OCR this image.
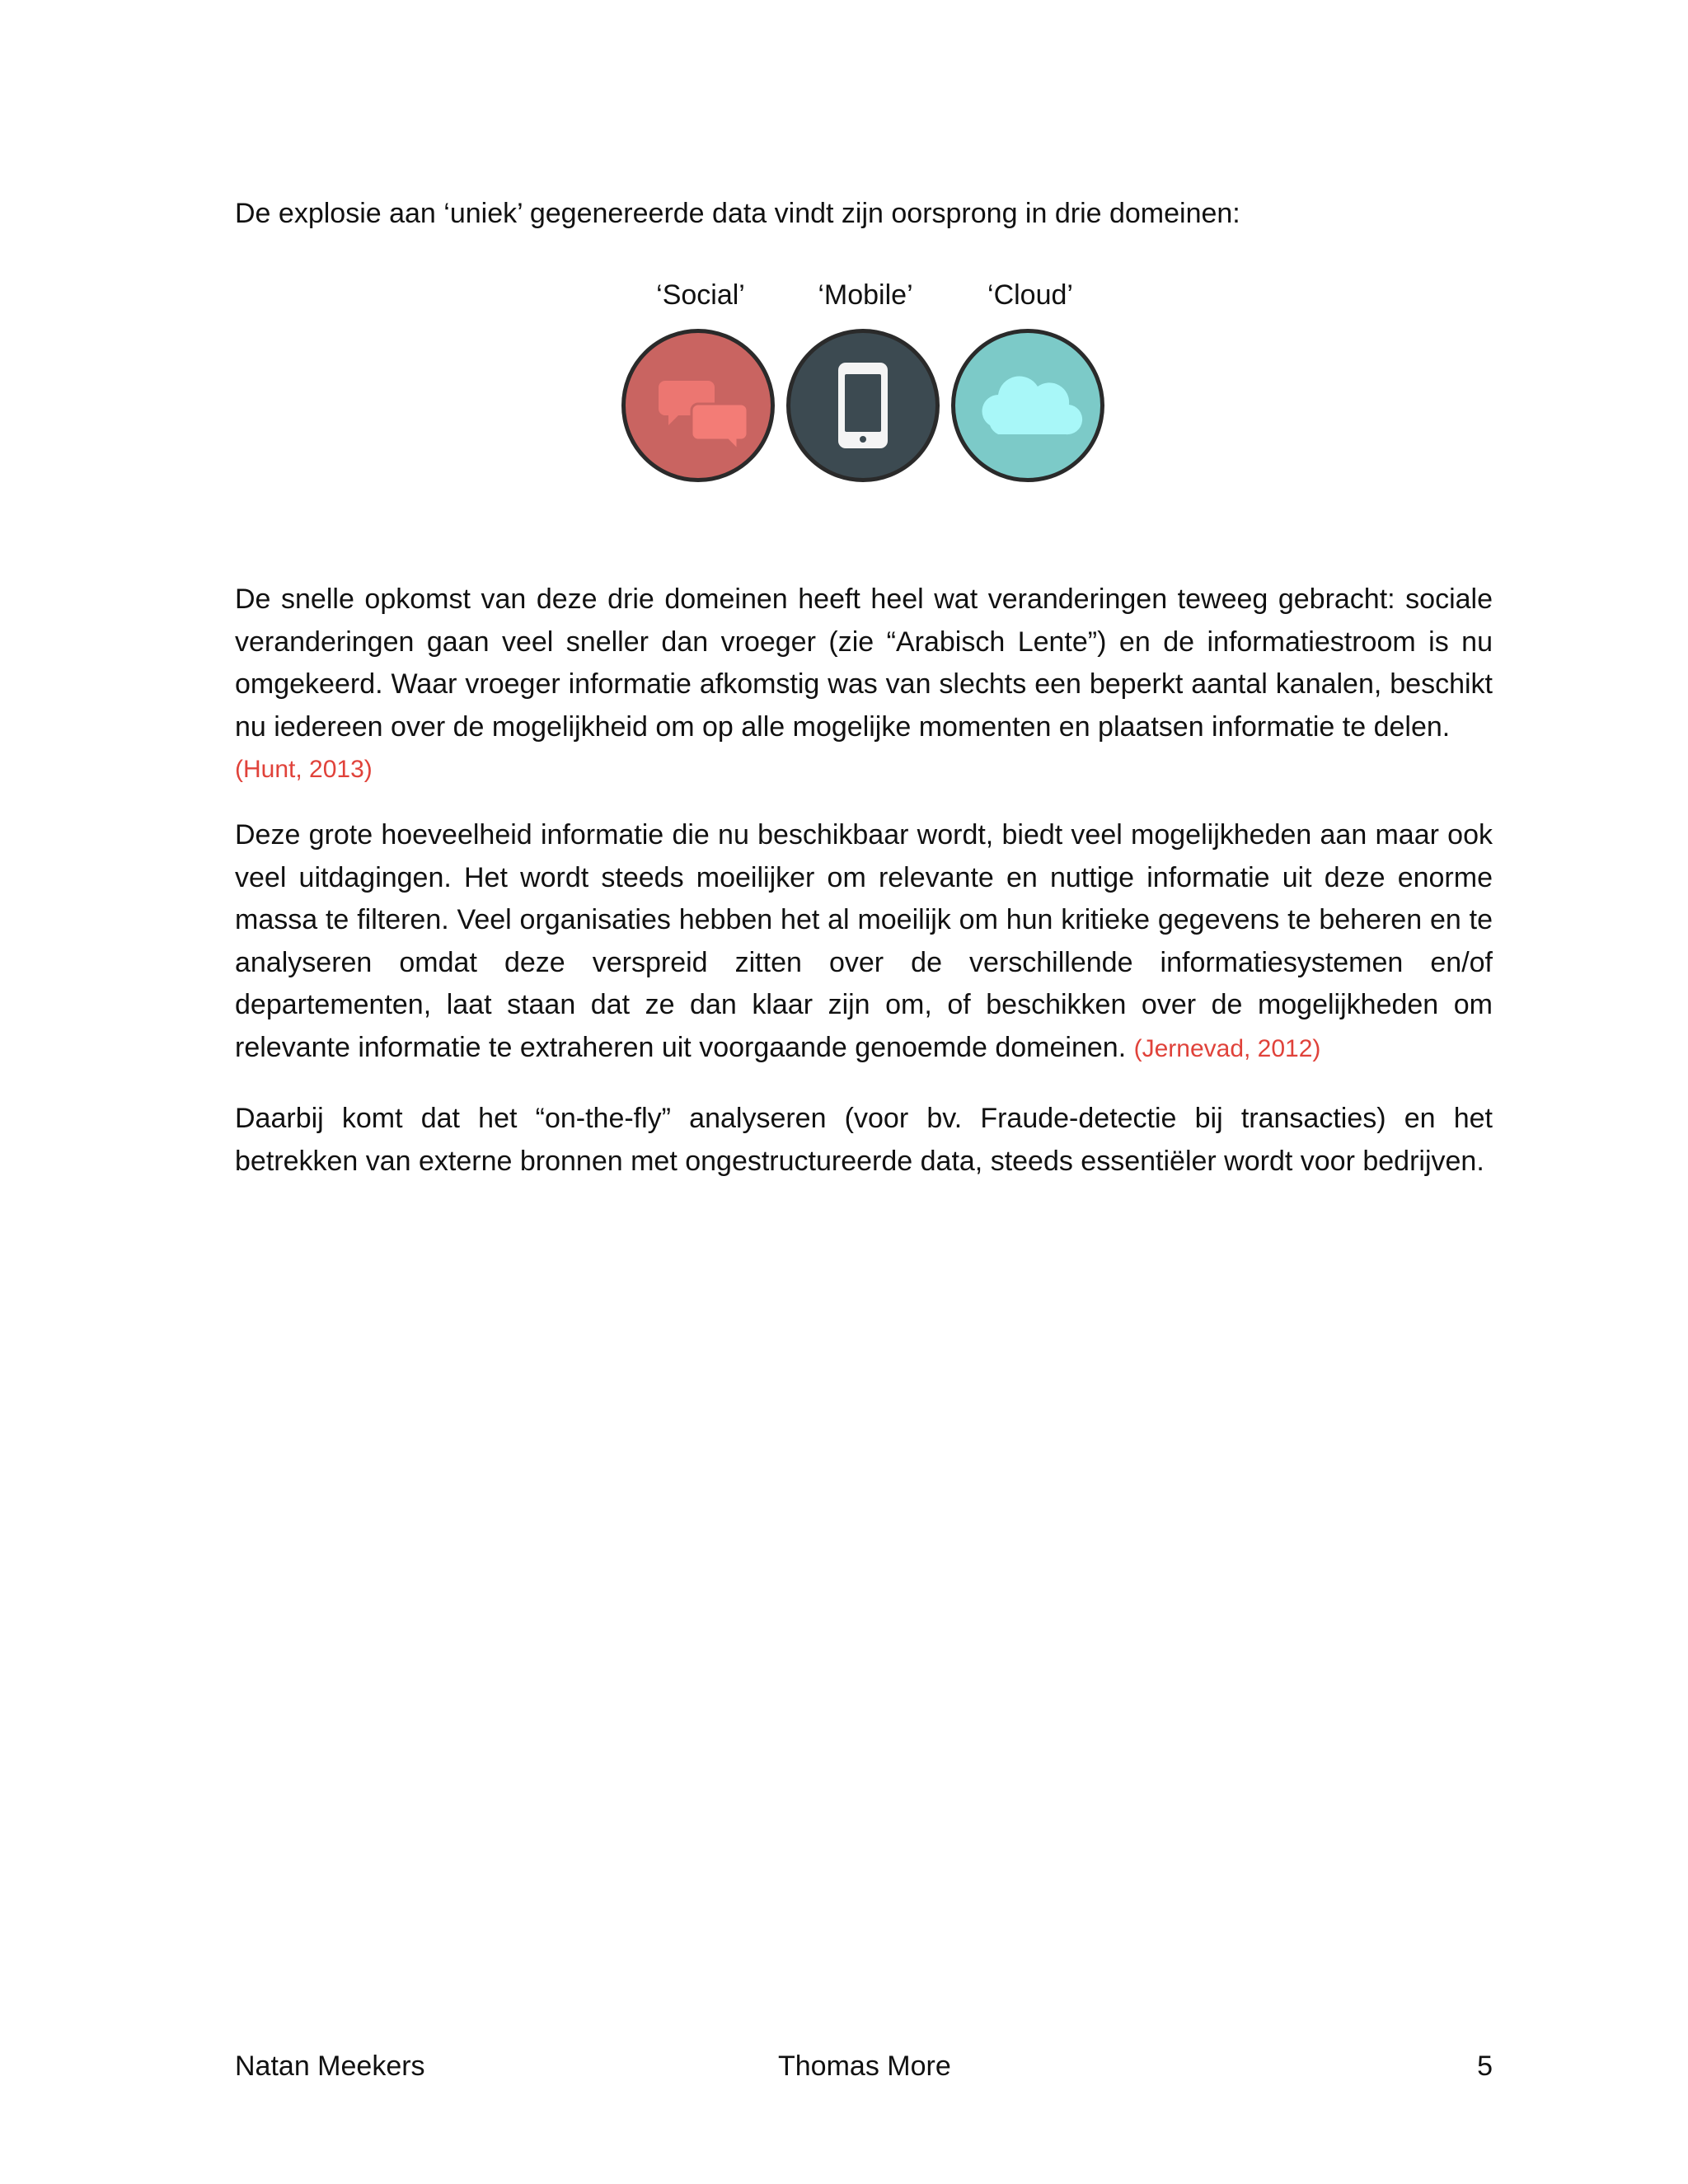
De explosie aan ‘uniek’ gegenereerde data vindt zijn oorsprong in drie domeinen:
‘Social’	‘Mobile’	‘Cloud’

De snelle opkomst van deze drie domeinen heeft heel wat veranderingen teweeg gebracht: sociale veranderingen gaan veel sneller dan vroeger (zie “Arabisch Lente”) en de informatiestroom is nu omgekeerd. Waar vroeger informatie afkomstig was van slechts een beperkt aantal kanalen, beschikt nu iedereen over de mogelijkheid om op alle mogelijke momenten en plaatsen informatie te delen.
(Hunt, 2013)

Deze grote hoeveelheid informatie die nu beschikbaar wordt, biedt veel mogelijkheden aan maar ook veel uitdagingen. Het wordt steeds moeilijker om relevante en nuttige informatie uit deze enorme massa te filteren. Veel organisaties hebben het al moeilijk om hun kritieke gegevens te beheren en te analyseren omdat deze verspreid zitten over de verschillende informatiesystemen en/of departementen, laat staan dat ze dan klaar zijn om, of beschikken over de mogelijkheden om relevante informatie te extraheren uit voorgaande genoemde domeinen. (Jernevad, 2012)

Daarbij komt dat het “on-the-fly” analyseren (voor bv. Fraude-detectie bij transacties) en het betrekken van externe bronnen met ongestructureerde data, steeds essentiëler wordt voor bedrijven.

Natan Meekers	Thomas More	5
